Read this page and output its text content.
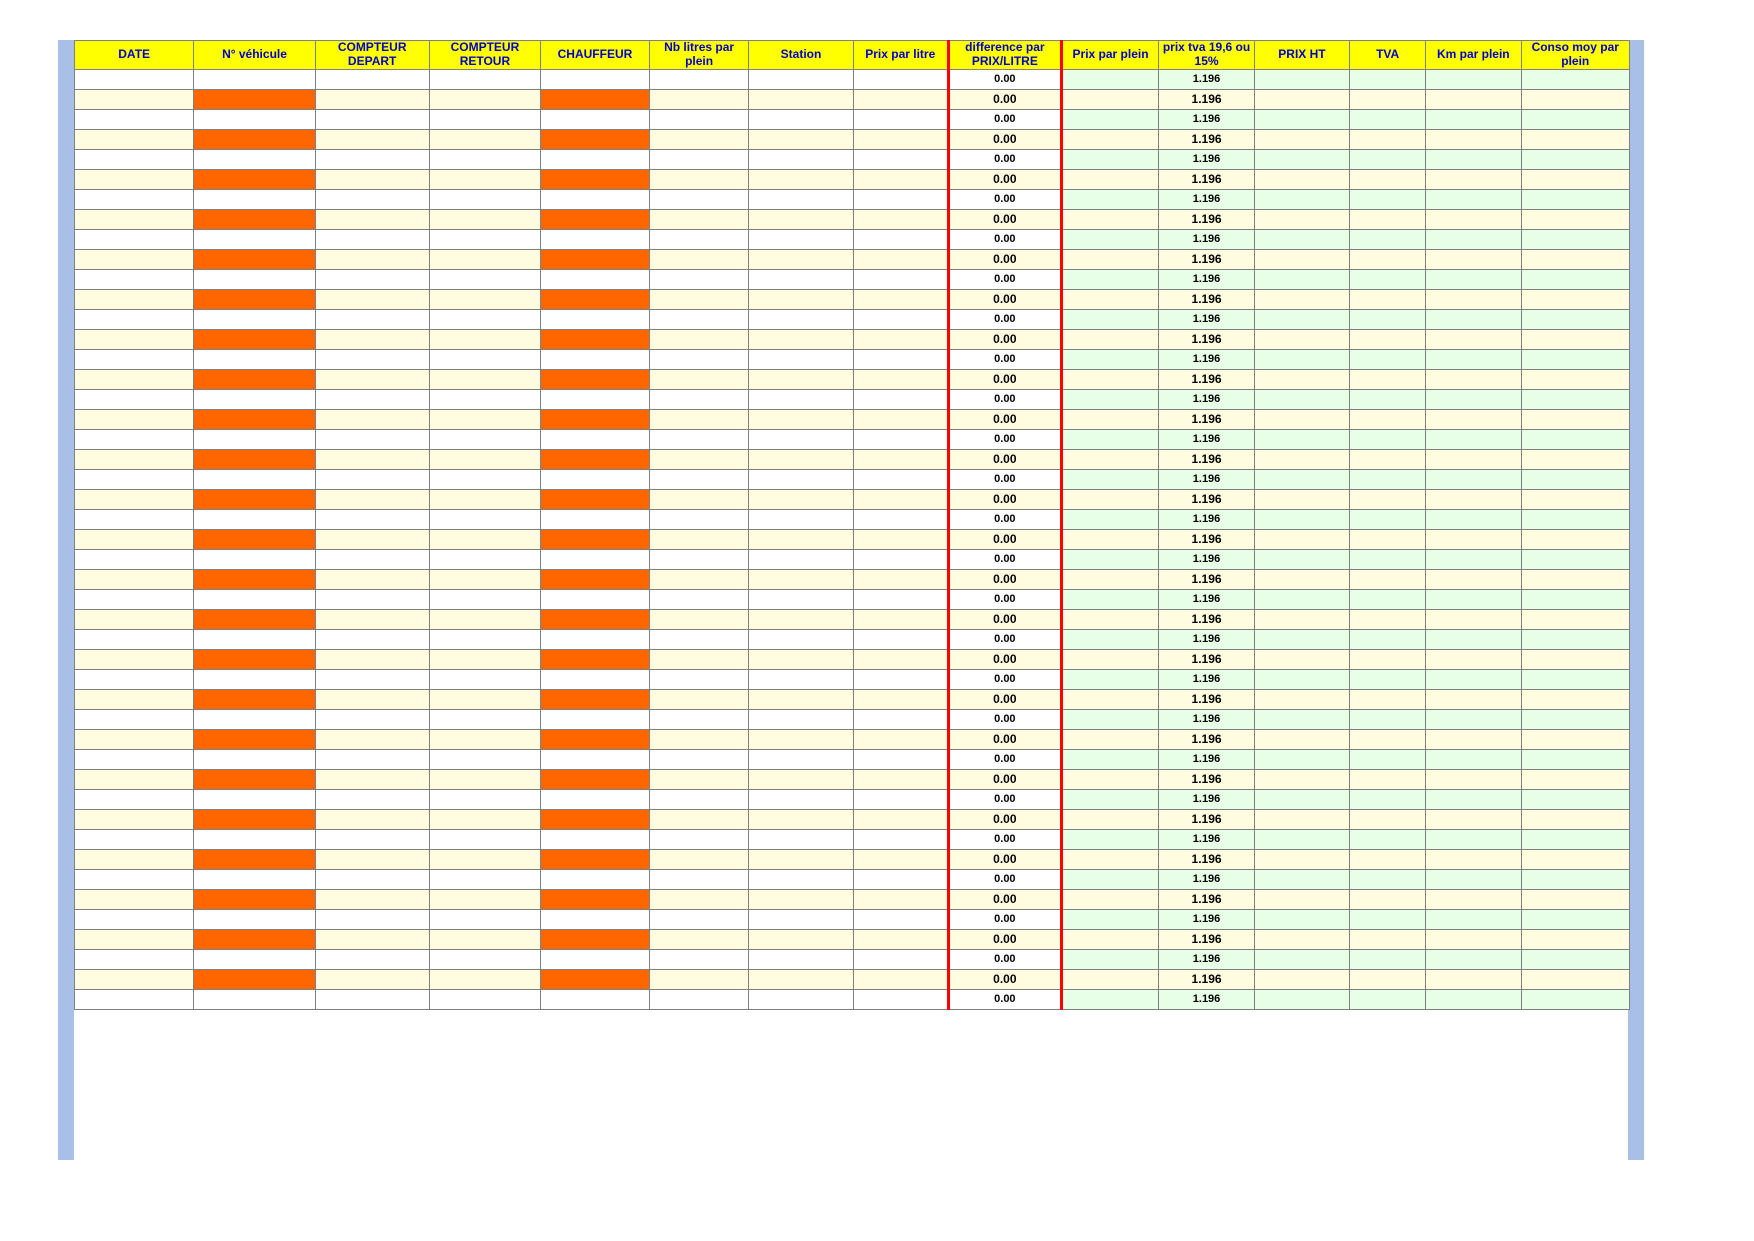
DATE	N° véhicule	COMPTEUR DEPART	COMPTEUR RETOUR	CHAUFFEUR	Nb litres par plein	Station	Prix par litre	difference par PRIX/LITRE	Prix par plein	prix tva 19,6 ou 15%	PRIX HT	TVA	Km par plein	Conso moy par plein
								0.00		1.196				
								0.00		1.196				
								0.00		1.196				
								0.00		1.196				
								0.00		1.196				
								0.00		1.196				
								0.00		1.196				
								0.00		1.196				
								0.00		1.196				
								0.00		1.196				
								0.00		1.196				
								0.00		1.196				
								0.00		1.196				
								0.00		1.196				
								0.00		1.196				
								0.00		1.196				
								0.00		1.196				
								0.00		1.196				
								0.00		1.196				
								0.00		1.196				
								0.00		1.196				
								0.00		1.196				
								0.00		1.196				
								0.00		1.196				
								0.00		1.196				
								0.00		1.196				
								0.00		1.196				
								0.00		1.196				
								0.00		1.196				
								0.00		1.196				
								0.00		1.196				
								0.00		1.196				
								0.00		1.196				
								0.00		1.196				
								0.00		1.196				
								0.00		1.196				
								0.00		1.196				
								0.00		1.196				
								0.00		1.196				
								0.00		1.196				
								0.00		1.196				
								0.00		1.196				
								0.00		1.196				
								0.00		1.196				
								0.00		1.196				
								0.00		1.196				
								0.00		1.196				
